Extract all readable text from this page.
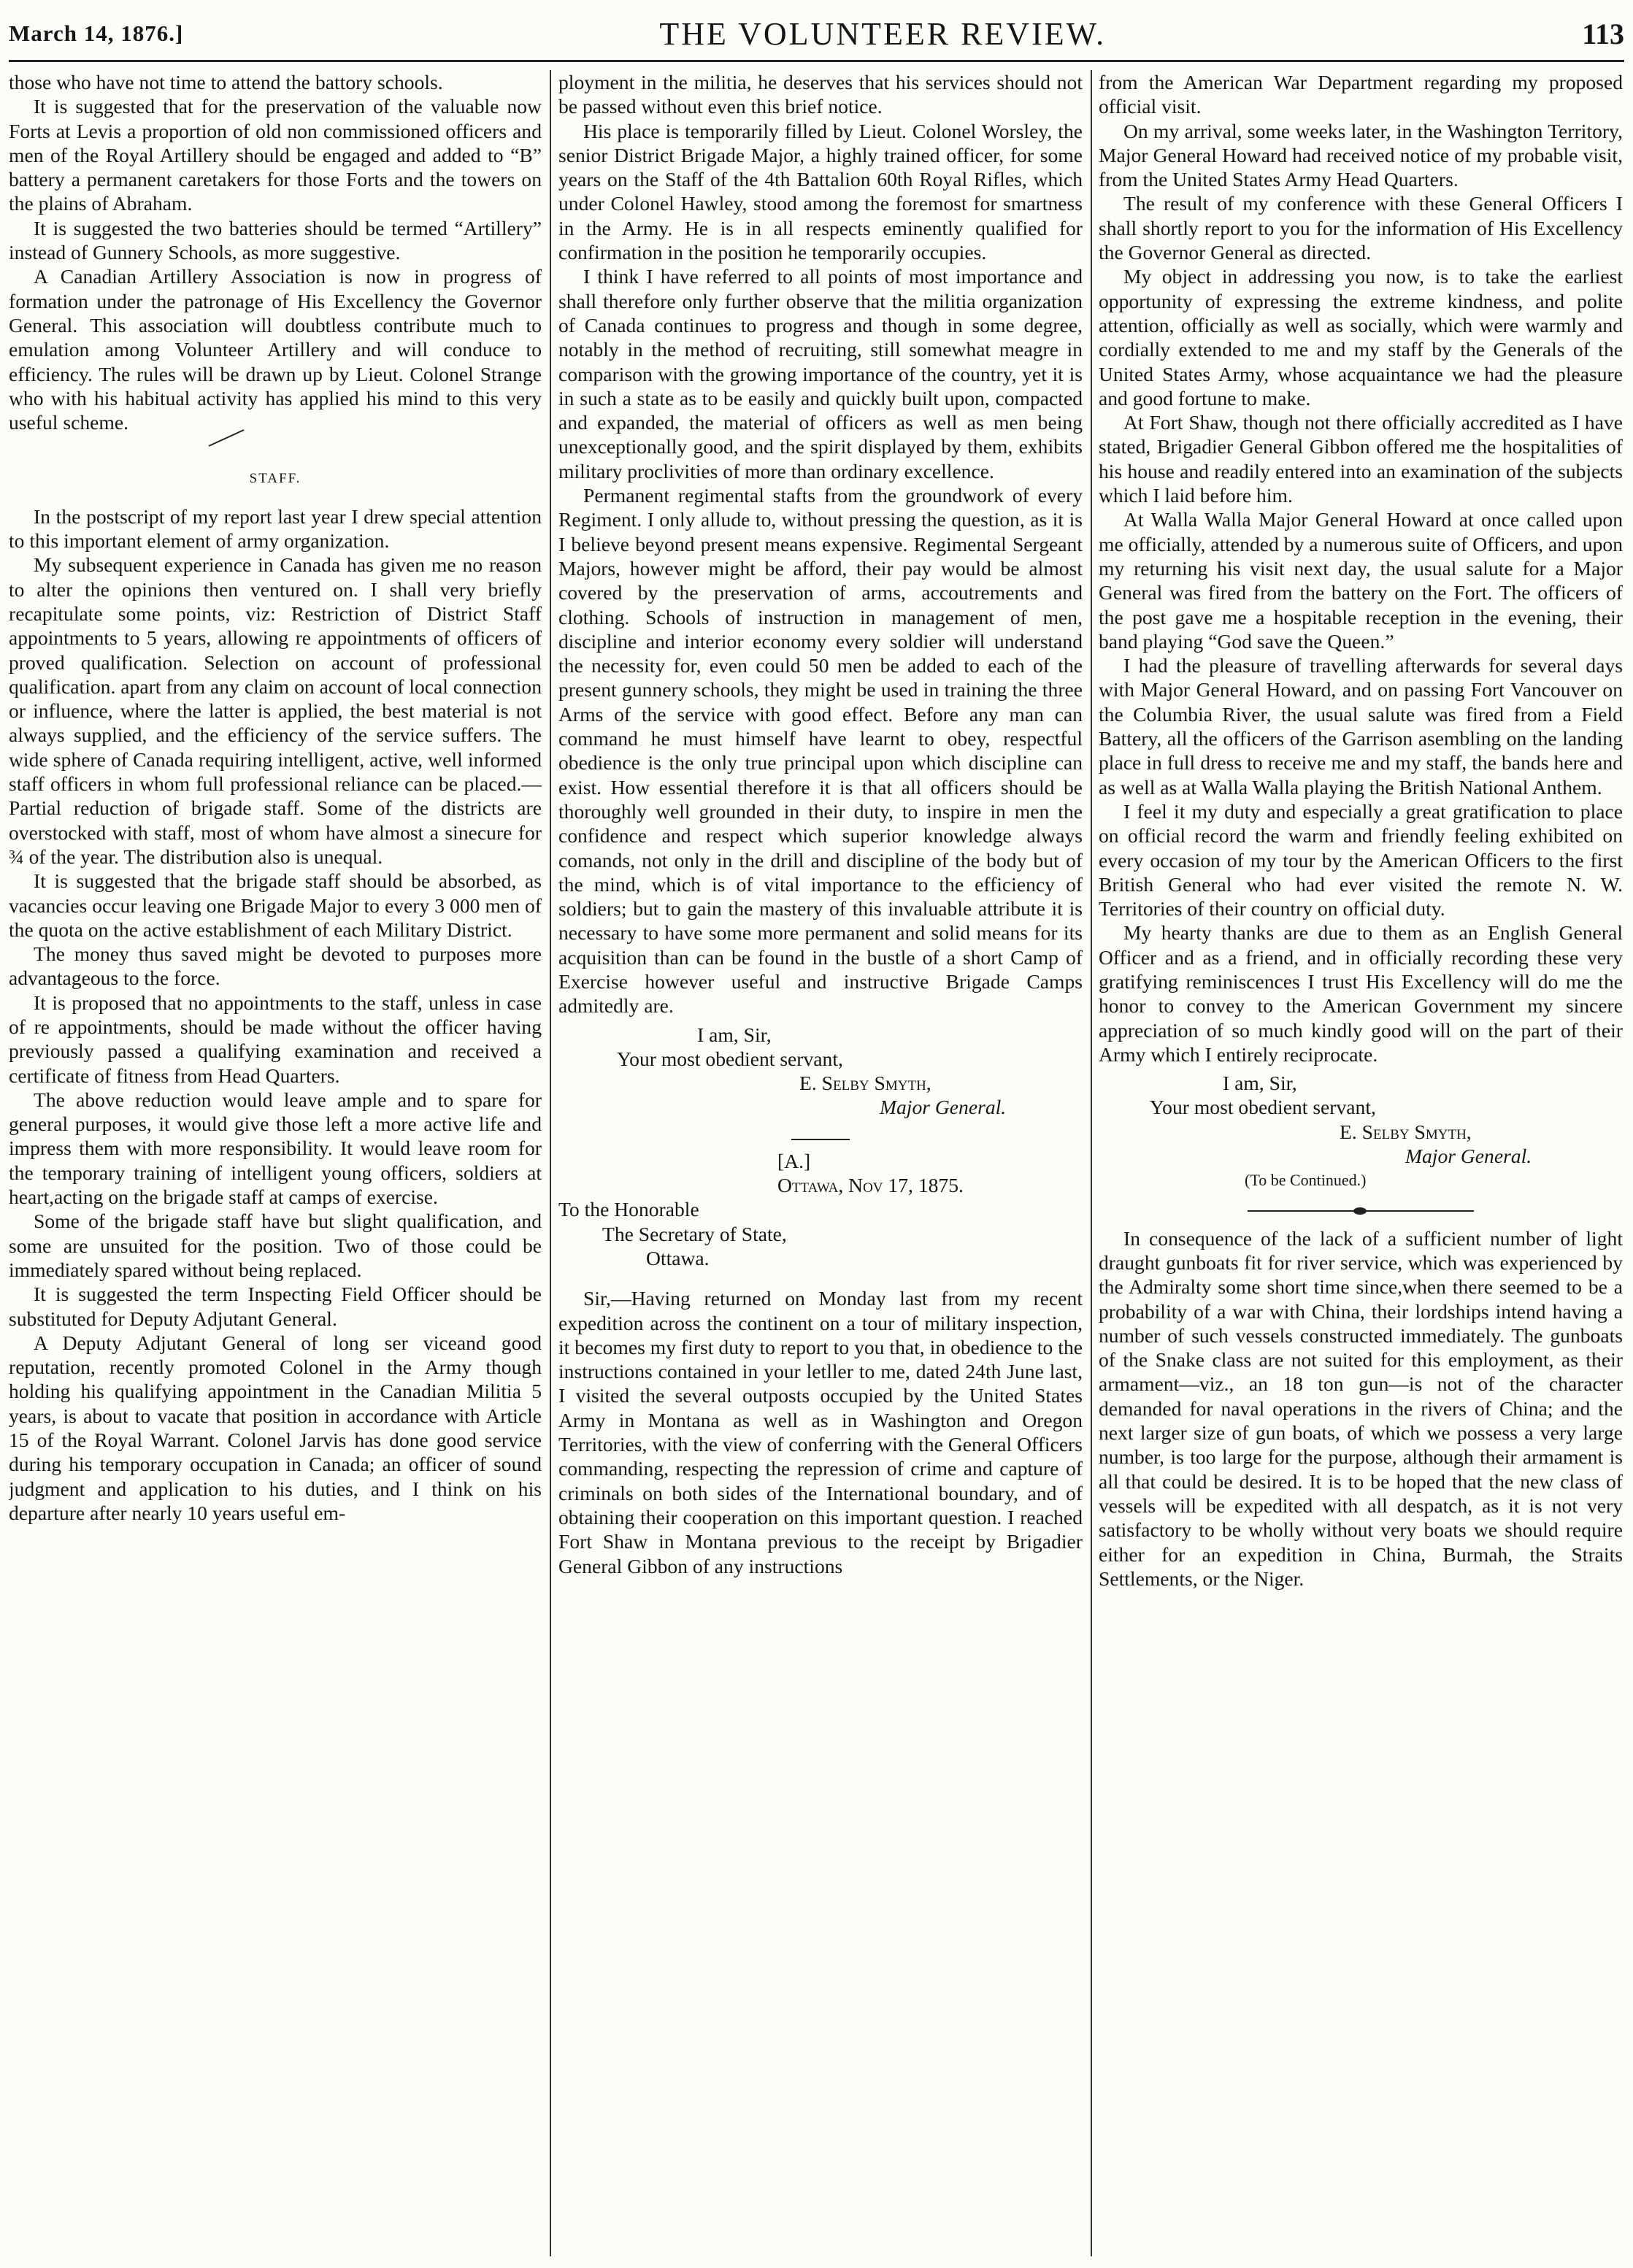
March 14, 1876.]	THE VOLUNTEER REVIEW.	113

those who have not time to attend the battory schools.

It is suggested that for the preservation of the valuable now Forts at Levis a proportion of old non commissioned officers and men of the Royal Artillery should be engaged and added to “B” battery a permanent caretakers for those Forts and the towers on the plains of Abraham.

It is suggested the two batteries should be termed “Artillery” instead of Gunnery Schools, as more suggestive.

A Canadian Artillery Association is now in progress of formation under the patronage of His Excellency the Governor General. This association will doubtless contribute much to emulation among Volunteer Artillery and will conduce to efficiency. The rules will be drawn up by Lieut. Colonel Strange who with his habitual activity has applied his mind to this very useful scheme.

STAFF.

In the postscript of my report last year I drew special attention to this important element of army organization.

My subsequent experience in Canada has given me no reason to alter the opinions then ventured on. I shall very briefly recapitulate some points, viz: Restriction of District Staff appointments to 5 years, allowing re appointments of officers of proved qualification. Selection on account of professional qualification. apart from any claim on account of local connection or influence, where the latter is applied, the best material is not always supplied, and the efficiency of the service suffers. The wide sphere of Canada requiring intelligent, active, well informed staff officers in whom full professional reliance can be placed.—Partial reduction of brigade staff. Some of the districts are overstocked with staff, most of whom have almost a sinecure for ¾ of the year. The distribution also is unequal.

It is suggested that the brigade staff should be absorbed, as vacancies occur leaving one Brigade Major to every 3 000 men of the quota on the active establishment of each Military District.

The money thus saved might be devoted to purposes more advantageous to the force.

It is proposed that no appointments to the staff, unless in case of re appointments, should be made without the officer having previously passed a qualifying examination and received a certificate of fitness from Head Quarters.

The above reduction would leave ample and to spare for general purposes, it would give those left a more active life and impress them with more responsibility. It would leave room for the temporary training of intelligent young officers, soldiers at heart,acting on the brigade staff at camps of exercise.

Some of the brigade staff have but slight qualification, and some are unsuited for the position. Two of those could be immediately spared without being replaced.

It is suggested the term Inspecting Field Officer should be substituted for Deputy Adjutant General.

A Deputy Adjutant General of long ser viceand good reputation, recently promoted Colonel in the Army though holding his qualifying appointment in the Canadian Militia 5 years, is about to vacate that position in accordance with Article 15 of the Royal Warrant. Colonel Jarvis has done good service during his temporary occupation in Canada; an officer of sound judgment and application to his duties, and I think on his departure after nearly 10 years useful em-

ployment in the militia, he deserves that his services should not be passed without even this brief notice.

His place is temporarily filled by Lieut. Colonel Worsley, the senior District Brigade Major, a highly trained officer, for some years on the Staff of the 4th Battalion 60th Royal Rifles, which under Colonel Hawley, stood among the foremost for smartness in the Army. He is in all respects eminently qualified for confirmation in the position he temporarily occupies.

I think I have referred to all points of most importance and shall therefore only further observe that the militia organization of Canada continues to progress and though in some degree, notably in the method of recruiting, still somewhat meagre in comparison with the growing importance of the country, yet it is in such a state as to be easily and quickly built upon, compacted and expanded, the material of officers as well as men being unexceptionally good, and the spirit displayed by them, exhibits military proclivities of more than ordinary excellence.

Permanent regimental stafts from the groundwork of every Regiment. I only allude to, without pressing the question, as it is I believe beyond present means expensive. Regimental Sergeant Majors, however might be afford, their pay would be almost covered by the preservation of arms, accoutrements and clothing. Schools of instruction in management of men, discipline and interior economy every soldier will understand the necessity for, even could 50 men be added to each of the present gunnery schools, they might be used in training the three Arms of the service with good effect. Before any man can command he must himself have learnt to obey, respectful obedience is the only true principal upon which discipline can exist. How essential therefore it is that all officers should be thoroughly well grounded in their duty, to inspire in men the confidence and respect which superior knowledge always comands, not only in the drill and discipline of the body but of the mind, which is of vital importance to the efficiency of soldiers; but to gain the mastery of this invaluable attribute it is necessary to have some more permanent and solid means for its acquisition than can be found in the bustle of a short Camp of Exercise however useful and instructive Brigade Camps admitedly are.

I am, Sir,

Your most obedient servant,

E. Selby Smyth,

Major General.

[A.]

Ottawa, Nov 17, 1875.

To the Honorable

The Secretary of State,

Ottawa.

Sir,—Having returned on Monday last from my recent expedition across the continent on a tour of military inspection, it becomes my first duty to report to you that, in obedience to the instructions contained in your letller to me, dated 24th June last, I visited the several outposts occupied by the United States Army in Montana as well as in Washington and Oregon Territories, with the view of conferring with the General Officers commanding, respecting the repression of crime and capture of criminals on both sides of the International boundary, and of obtaining their cooperation on this important question. I reached Fort Shaw in Montana previous to the receipt by Brigadier General Gibbon of any instructions

from the American War Department regarding my proposed official visit.

On my arrival, some weeks later, in the Washington Territory, Major General Howard had received notice of my probable visit, from the United States Army Head Quarters.

The result of my conference with these General Officers I shall shortly report to you for the information of His Excellency the Governor General as directed.

My object in addressing you now, is to take the earliest opportunity of expressing the extreme kindness, and polite attention, officially as well as socially, which were warmly and cordially extended to me and my staff by the Generals of the United States Army, whose acquaintance we had the pleasure and good fortune to make.

At Fort Shaw, though not there officially accredited as I have stated, Brigadier General Gibbon offered me the hospitalities of his house and readily entered into an examination of the subjects which I laid before him.

At Walla Walla Major General Howard at once called upon me officially, attended by a numerous suite of Officers, and upon my returning his visit next day, the usual salute for a Major General was fired from the battery on the Fort. The officers of the post gave me a hospitable reception in the evening, their band playing “God save the Queen.”

I had the pleasure of travelling afterwards for several days with Major General Howard, and on passing Fort Vancouver on the Columbia River, the usual salute was fired from a Field Battery, all the officers of the Garrison asembling on the landing place in full dress to receive me and my staff, the bands here and as well as at Walla Walla playing the British National Anthem.

I feel it my duty and especially a great gratification to place on official record the warm and friendly feeling exhibited on every occasion of my tour by the American Officers to the first British General who had ever visited the remote N. W. Territories of their country on official duty.

My hearty thanks are due to them as an English General Officer and as a friend, and in officially recording these very gratifying reminiscences I trust His Excellency will do me the honor to convey to the American Government my sincere appreciation of so much kindly good will on the part of their Army which I entirely reciprocate.

I am, Sir,

Your most obedient servant,

E. Selby Smyth,

Major General.

(To be Continued.)

In consequence of the lack of a sufficient number of light draught gunboats fit for river service, which was experienced by the Admiralty some short time since,when there seemed to be a probability of a war with China, their lordships intend having a number of such vessels constructed immediately. The gunboats of the Snake class are not suited for this employment, as their armament—viz., an 18 ton gun—is not of the character demanded for naval operations in the rivers of China; and the next larger size of gun boats, of which we possess a very large number, is too large for the purpose, although their armament is all that could be desired. It is to be hoped that the new class of vessels will be expedited with all despatch, as it is not very satisfactory to be wholly without very boats we should require either for an expedition in China, Burmah, the Straits Settlements, or the Niger.
